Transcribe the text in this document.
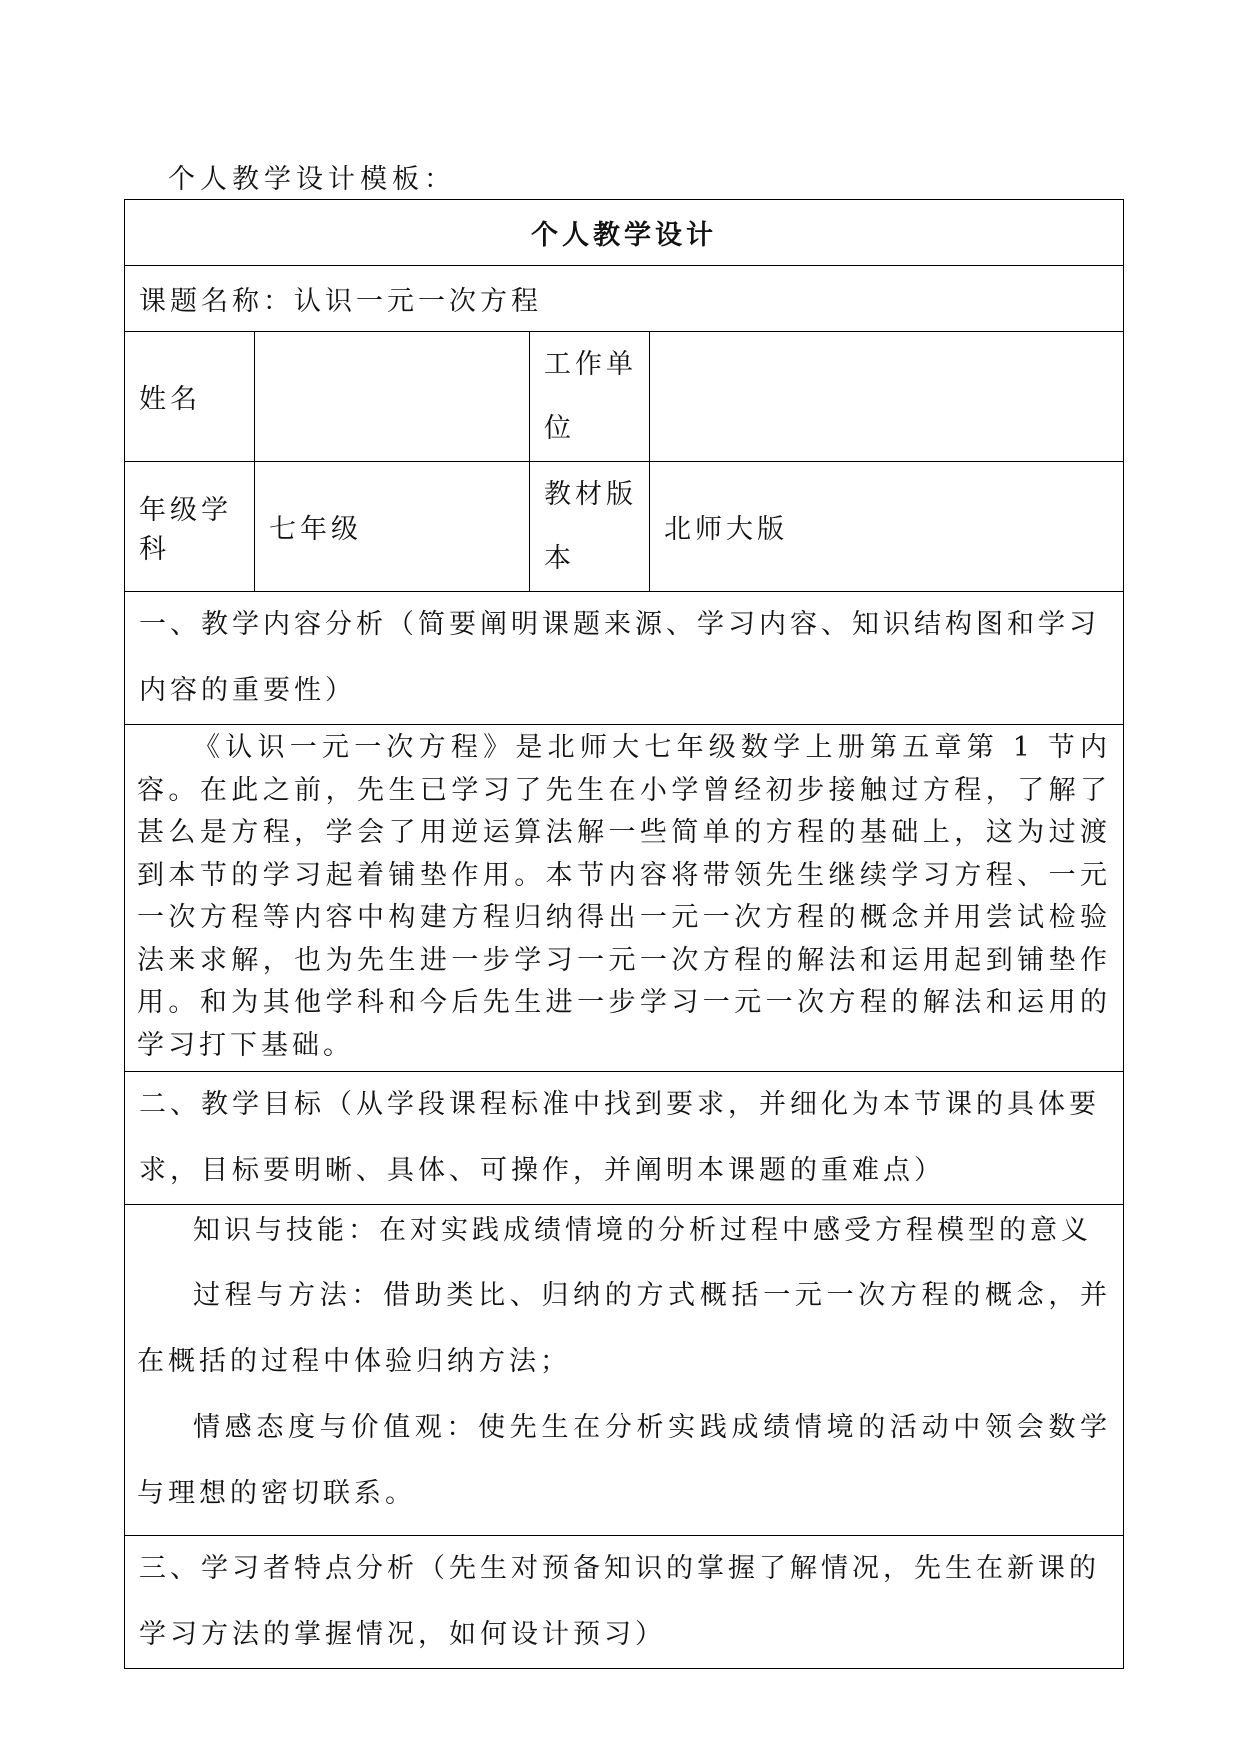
个人教学设计模板：
个人教学设计			
课题名称：认识一元一次方程			
姓名		工作单位	
年级学科	七年级	教材版本	北师大版
一、教学内容分析（简要阐明课题来源、学习内容、知识结构图和学习内容的重要性）			

《认识一元一次方程》是北师大七年级数学上册第五章第 1 节内容。在此之前，先生已学习了先生在小学曾经初步接触过方程，了解了甚么是方程，学会了用逆运算法解一些简单的方程的基础上，这为过渡到本节的学习起着铺垫作用。本节内容将带领先生继续学习方程、一元一次方程等内容中构建方程归纳得出一元一次方程的概念并用尝试检验法来求解，也为先生进一步学习一元一次方程的解法和运用起到铺垫作用。和为其他学科和今后先生进一步学习一元一次方程的解法和运用的学习打下基础。			

二、教学目标（从学段课程标准中找到要求，并细化为本节课的具体要求，目标要明晰、具体、可操作，并阐明本课题的重难点）			

知识与技能：在对实践成绩情境的分析过程中感受方程模型的意义
过程与方法：借助类比、归纳的方式概括一元一次方程的概念，并在概括的过程中体验归纳方法；
情感态度与价值观：使先生在分析实践成绩情境的活动中领会数学与理想的密切联系。			

三、学习者特点分析（先生对预备知识的掌握了解情况，先生在新课的学习方法的掌握情况，如何设计预习）			
